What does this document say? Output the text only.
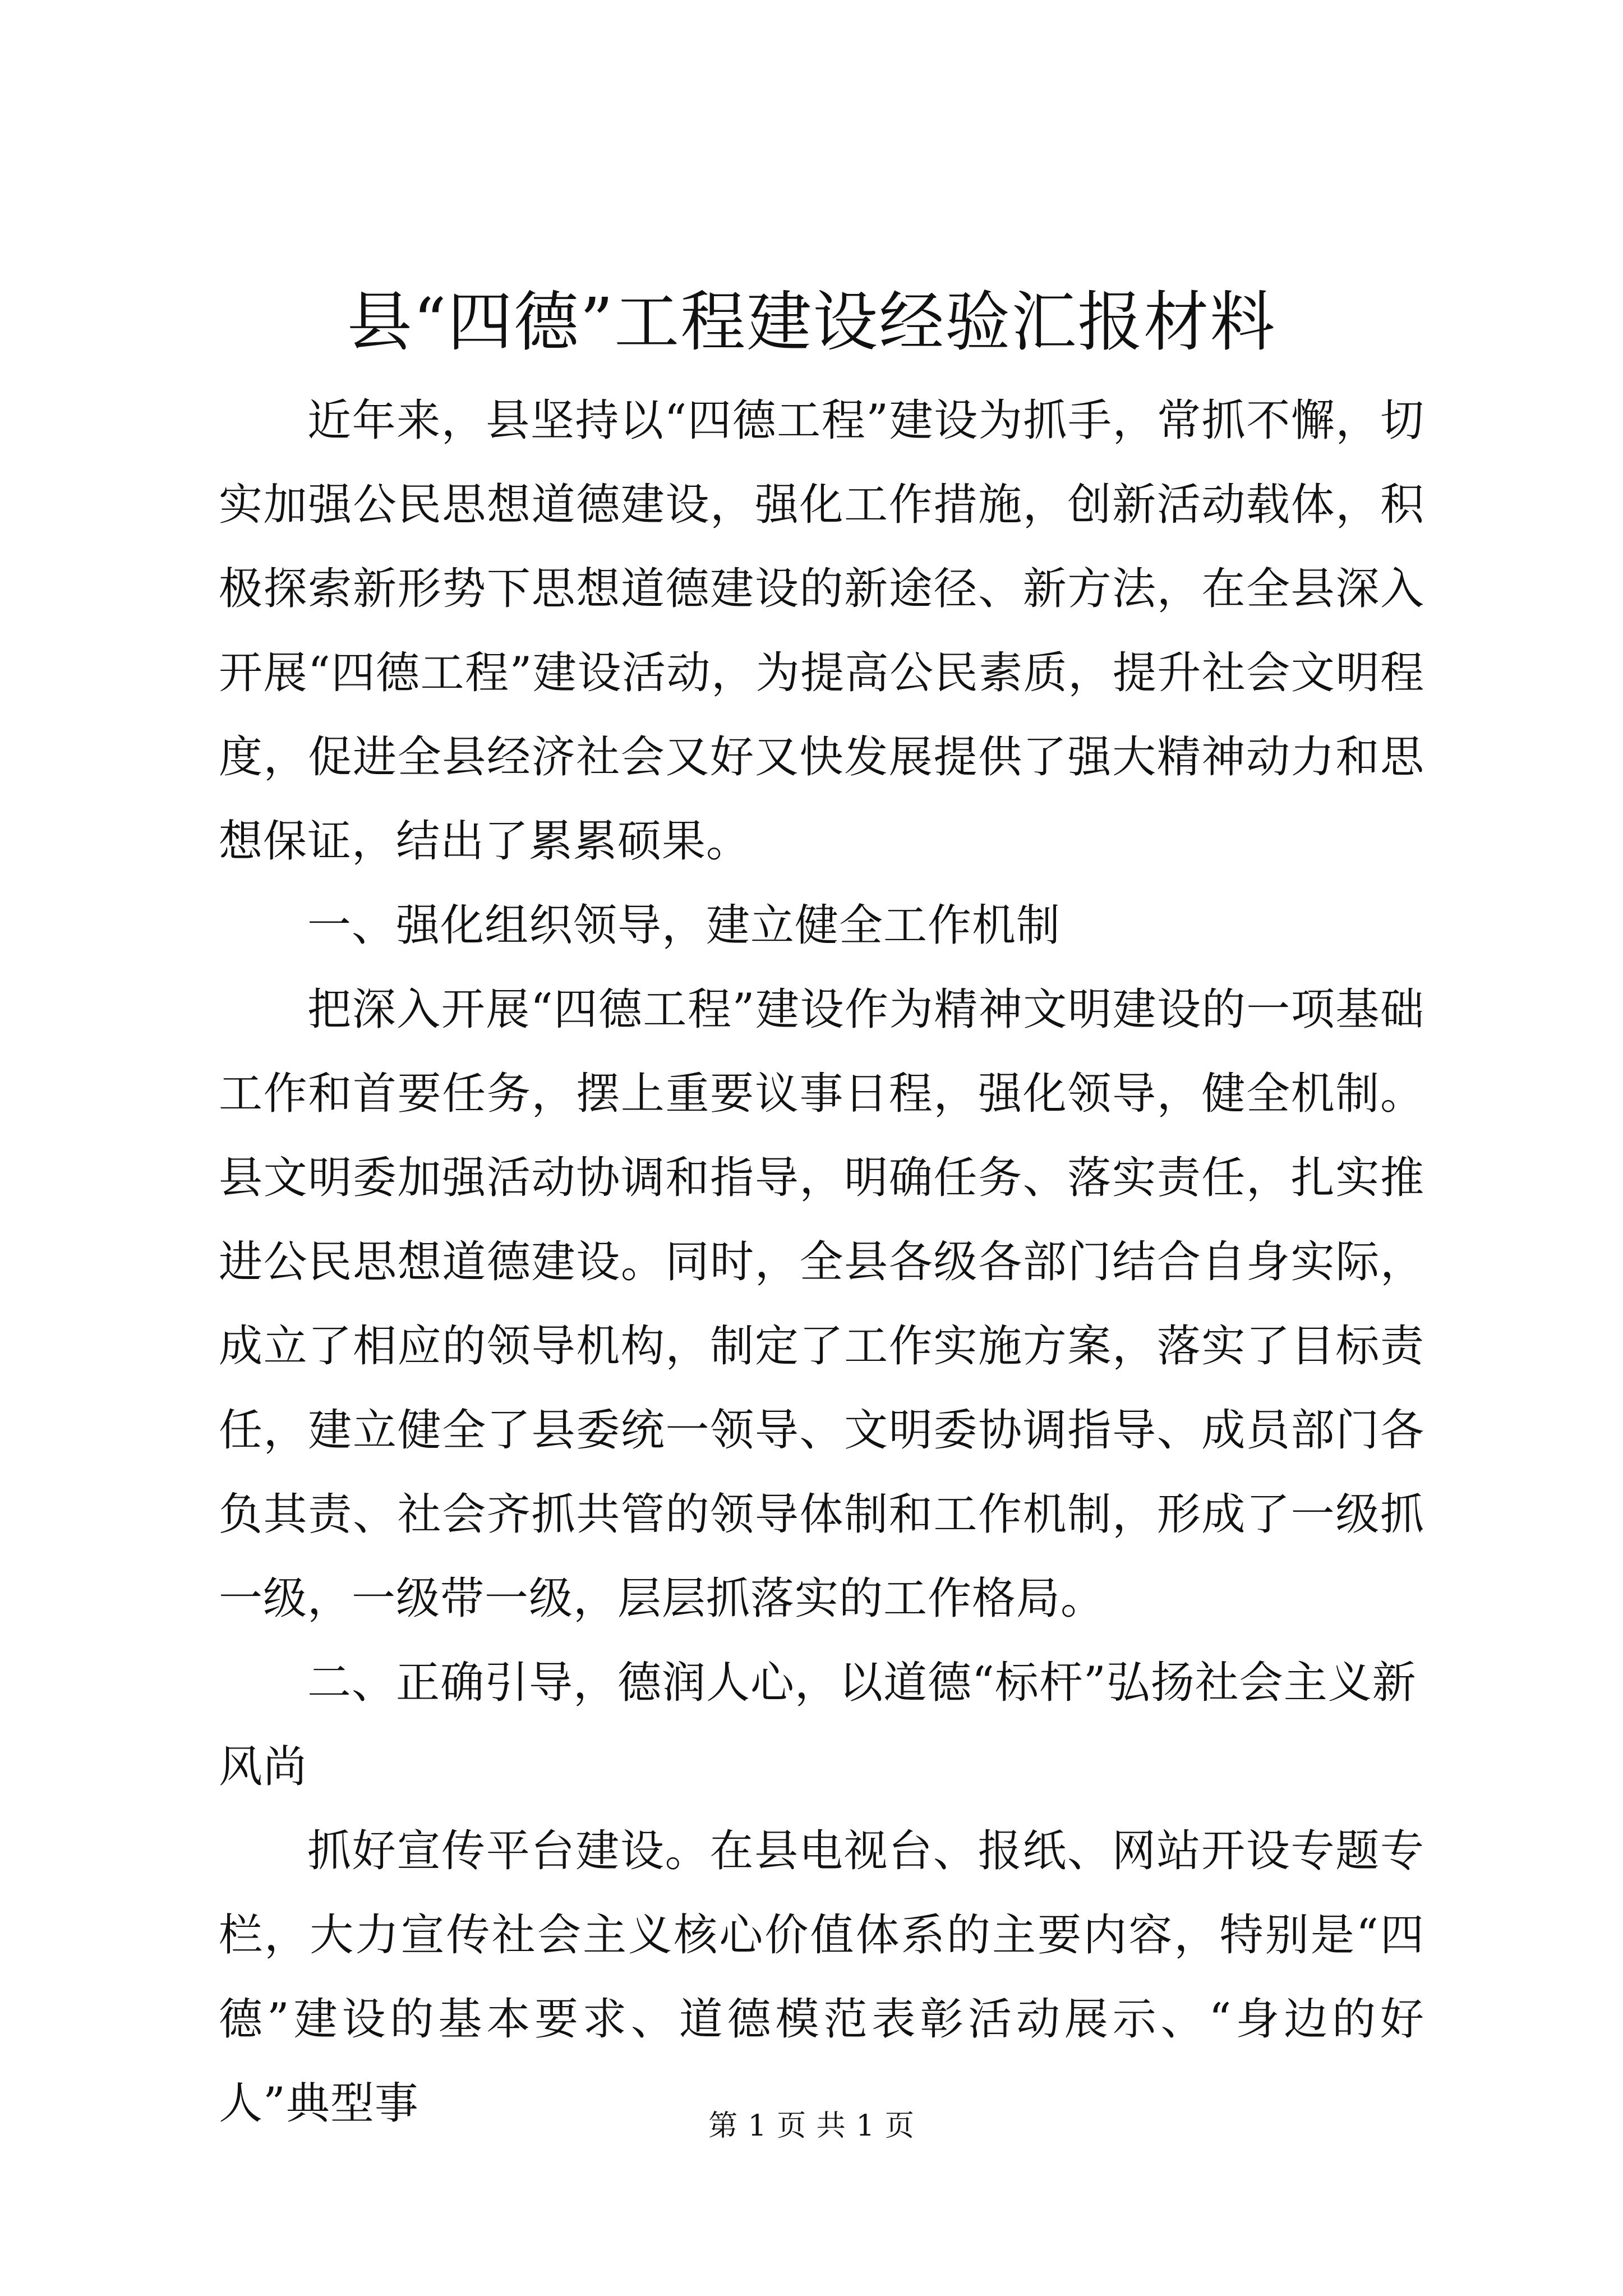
县“四德”工程建设经验汇报材料

近年来，县坚持以“四德工程”建设为抓手，常抓不懈，切实加强公民思想道德建设，强化工作措施，创新活动载体，积极探索新形势下思想道德建设的新途径、新方法，在全县深入开展“四德工程”建设活动，为提高公民素质，提升社会文明程度，促进全县经济社会又好又快发展提供了强大精神动力和思想保证，结出了累累硕果。

一、强化组织领导，建立健全工作机制

把深入开展“四德工程”建设作为精神文明建设的一项基础工作和首要任务，摆上重要议事日程，强化领导，健全机制。县文明委加强活动协调和指导，明确任务、落实责任，扎实推进公民思想道德建设。同时，全县各级各部门结合自身实际，成立了相应的领导机构，制定了工作实施方案，落实了目标责任，建立健全了县委统一领导、文明委协调指导、成员部门各负其责、社会齐抓共管的领导体制和工作机制，形成了一级抓一级，一级带一级，层层抓落实的工作格局。

二、正确引导，德润人心，以道德“标杆”弘扬社会主义新风尚

抓好宣传平台建设。在县电视台、报纸、网站开设专题专栏，大力宣传社会主义核心价值体系的主要内容，特别是“四德”建设的基本要求、道德模范表彰活动展示、“身边的好人”典型事	第 1 页 共 1 页
